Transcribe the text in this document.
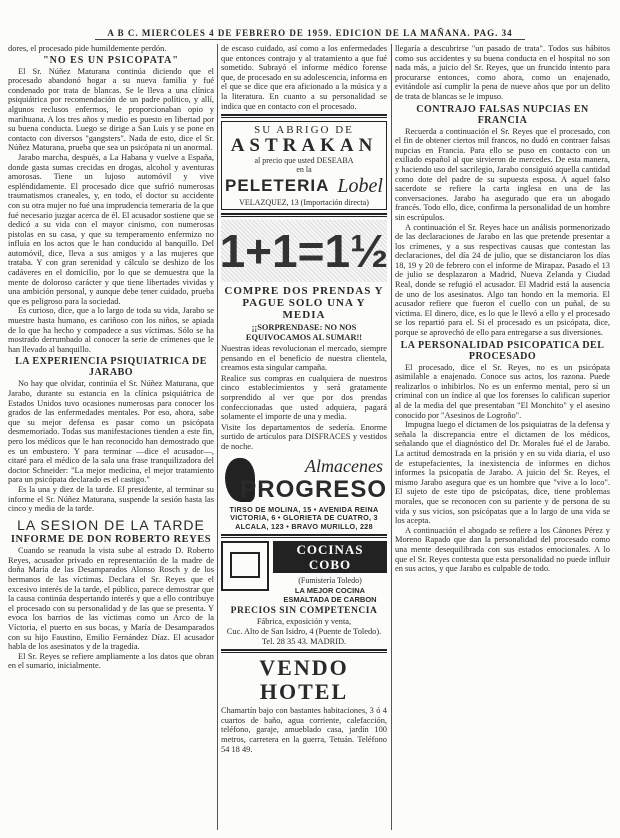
A B C. MIERCOLES 4 DE FEBRERO DE 1959. EDICION DE LA MAÑANA. PAG. 34

dores, el procesado pide humildemente perdón.

"NO ES UN PSICOPATA"

El Sr. Núñez Maturana continúa diciendo que el procesado abandonó hogar a su nueva familia y fué condenado por trata de blancas. Se le lleva a una clínica psiquiátrica por recomendación de un padre político, y allí, algunos reclusos enfermos, le proporcionaban opio y marihuana. A los tres años y medio es puesto en libertad por su buena conducta. Luego se dirige a San Luis y se pone en contacto con diversos "gangsters". Nada de esto, dice el Sr. Núñez Maturana, prueba que sea un psicópata ni un anormal.

Jarabo marcha, después, a La Habana y vuelve a España, donde gasta sumas crecidas en drogas, alcohol y aventuras amorosas. Tiene un lujoso automóvil y vive espléndidamente. El procesado dice que sufrió numerosas traumatismos craneales, y, en todo, el doctor su accidente con su otra mujer no fué una imprudencia temeraria de la que fué necesario juzgar acerca de él. El acusador sostiene que se dedicó a su vida con el mayor cinismo, con numerosas pistolas en su casa, y que su temperamento enfermizo no influía en los actos que le han conducido al banquillo. Del automóvil, dice, lleva a sus amigos y a las mujeres que trataba. Y con gran serenidad y cálculo se deshizo de los cadáveres en el domicilio, por lo que se demuestra que la mente de doloroso carácter y que tiene libertades vividas y una ambición personal, y aunque debe tener cuidado, prueba que es peligroso para la sociedad.

Es curioso, dice, que a lo largo de toda su vida, Jarabo se muestre hasta humano, es cariñoso con los niños, se apiada de lo que ha hecho y compadece a sus víctimas. Sólo se ha mostrado derrumbado al conocer la serie de crímenes que le han llevado al banquillo.

LA EXPERIENCIA PSIQUIATRICA DE JARABO

No hay que olvidar, continúa el Sr. Núñez Maturana, que Jarabo, durante su estancia en la clínica psiquiátrica de Estados Unidos tuvo ocasiones numerosas para conocer los grados de las enfermedades mentales. Por eso, ahora, sabe que su mejor defensa es pasar como un psicópata desmemoriado. Todas sus manifestaciones tienden a este fin, pero los médicos que le han reconocido han demostrado que es un embustero. Y para terminar —dice el acusador—, citaré para el médico de la sala una frase tranquilizadora del doctor Schneider: "La mejor medicina, el mejor tratamiento para un psicópata declarado es el castigo."

Es la una y diez de la tarde. El presidente, al terminar su informe el Sr. Núñez Maturana, suspende la sesión hasta las cinco y media de la tarde.

LA SESION DE LA TARDE
INFORME DE DON ROBERTO REYES

Cuando se reanuda la vista sube al estrado D. Roberto Reyes, acusador privado en representación de la madre de doña María de las Desamparados Alonso Rosch y de los hermanos de las víctimas. Declara el Sr. Reyes que el excesivo interés de la tarde, el público, parece demostrar que la causa continúa despertando interés y que a ello contribuye el procesado con su personalidad y de las que se presenta. Y evoca los barrios de las víctimas como un Arco de la Víctoria, el puerto en sus bocas, y María de Desamparados con su hijo Faustino, Emilio Fernández Díaz. El acusador habla de los asesinatos y de la tragedia.

El Sr. Reyes se refiere ampliamente a los datos que obran en el sumario, inicialmente.

de escaso cuidado, así como a los enfermedades que entonces contrajo y al tratamiento a que fué sometido. Subrayó el informe médico forense que, de procesado en su adolescencia, informa en el que se dice que era aficionado a la música y a la literatura. En cuanto a su personalidad se indica que en contacto con el procesado.

SU ABRIGO DE
ASTRAKAN
al precio que usted DESEABA
en la
PELETERIA Lobel
VELAZQUEZ, 13 (Importación directa)
1+1=1½
COMPRE DOS PRENDAS Y PAGUE SOLO UNA Y MEDIA
¡¡SORPRENDASE: NO NOS EQUIVOCAMOS AL SUMAR!!

Nuestras ideas revolucionan el mercado, siempre pensando en el beneficio de nuestra clientela, creamos esta singular campaña.

Realice sus compras en cualquiera de nuestros cinco establecimientos y será gratamente sorprendido al ver que por dos prendas confeccionadas que usted adquiera, pagará solamente el importe de una y media.

Visite los departamentos de sedería. Enorme surtido de artículos para DISFRACES y vestidos de noche.

Almacenes
PROGRESO
TIRSO DE MOLINA, 15 • AVENIDA REINA VICTORIA, 6 • GLORIETA DE CUATRO, 3 ALCALA, 123 • BRAVO MURILLO, 228
COCINAS COBO
(Fumistería Toledo)
LA MEJOR COCINA ESMALTADA DE CARBON
PRECIOS SIN COMPETENCIA
Fábrica, exposición y venta,
Cuc. Alto de San Isidro, 4 (Puente de Toledo). Tel. 28 35 43. MADRID.
VENDO HOTEL

Chamartín bajo con bastantes habitaciones, 3 ó 4 cuartos de baño, agua corriente, calefacción, teléfono, garaje, amueblado casa, jardín 100 metros, carretera en la guerra, Tetuán. Teléfono 54 18 49.

llegaría a descubrirse "un pasado de trata". Todos sus hábitos como sus accidentes y su buena conducta en el hospital no son nada más, a juicio del Sr. Reyes, que un fruncido intento para procurarse entonces, como ahora, como un enajenado, evitándole así cumplir la pena de nueve años que por un delito de trata de blancas se le impuso.

CONTRAJO FALSAS NUPCIAS EN FRANCIA

Recuerda a continuación el Sr. Reyes que el procesado, con el fin de obtener ciertos mil francos, no dudó en contraer falsas nupcias en Francia. Para ello se puso en contacto con un exiliado español al que sirvieron de mercedes. De esta manera, y haciendo uso del sacrilegio, Jarabo consiguió aquella cantidad como dote del padre de su supuesta esposa. A aquel falso sacerdote se refiere la carta inglesa en una de las conversaciones. Jarabo ha asegurado que era un abogado francés. Todo ello, dice, confirma la personalidad de un hombre sin escrúpulos.

A continuación el Sr. Reyes hace un análisis pormenorizado de las declaraciones de Jarabo en las que pretende presentar a los crímenes, y a sus respectivas causas que contestan las declaraciones, del día 24 de julio, que se distanciaron los días 18, 19 y 20 de febrero con el informe de Mirapaz. Pasado el 13 de julio se desplazaron a Madrid, Nueva Zelanda y Ciudad Real, donde se refugió el acusador. El Madrid está la ausencia de uno de los asesinatos. Algo tan hondo en la memoria. El acusador refiere que fueron el cuello con un puñal, de su víctima. El dinero, dice, es lo que le llevó a ello y el procesado se los repartió para el. Si el procesado es un psicópata, dice, porque se aprovechó de ello para entregarse a sus diversiones.

LA PERSONALIDAD PSICOPATICA DEL PROCESADO

El procesado, dice el Sr. Reyes, no es un psicópata asimilable a enajenado. Conoce sus actos, los razona. Puede realizarlos o inhibirlos. No es un enfermo mental, pero sí un criminal con un índice al que los forenses lo califican superior al de la media del que presentaban "El Monchito" y el asesino conocido por "Asesinos de Logroño".

Impugna luego el dictamen de los psiquiatras de la defensa y señala la discrepancia entre el dictamen de los médicos, señalando que el diagnóstico del Dr. Morales fué el de Jarabo. La actitud demostrada en la prisión y en su vida diaria, el uso de estupefacientes, la inexistencia de informes en dichos informes la psicopatía de Jarabo. A juicio del Sr. Reyes, el mismo Jarabo asegura que es un hombre que "vive a lo loco". El sujeto de este tipo de psicópatas, dice, tiene problemas morales, que se reconocen con su pariente y de persona de su vida y sus vicios, son psicópatas que a lo largo de una vida se los acepta.

A continuación el abogado se refiere a los Cánones Pérez y Moreno Rapado que dan la personalidad del procesado como una mente desequilibrada con sus estados emocionales. A lo que el Sr. Reyes contesta que esta personalidad no puede influir en sus actos, y que Jarabo es culpable de todo.
